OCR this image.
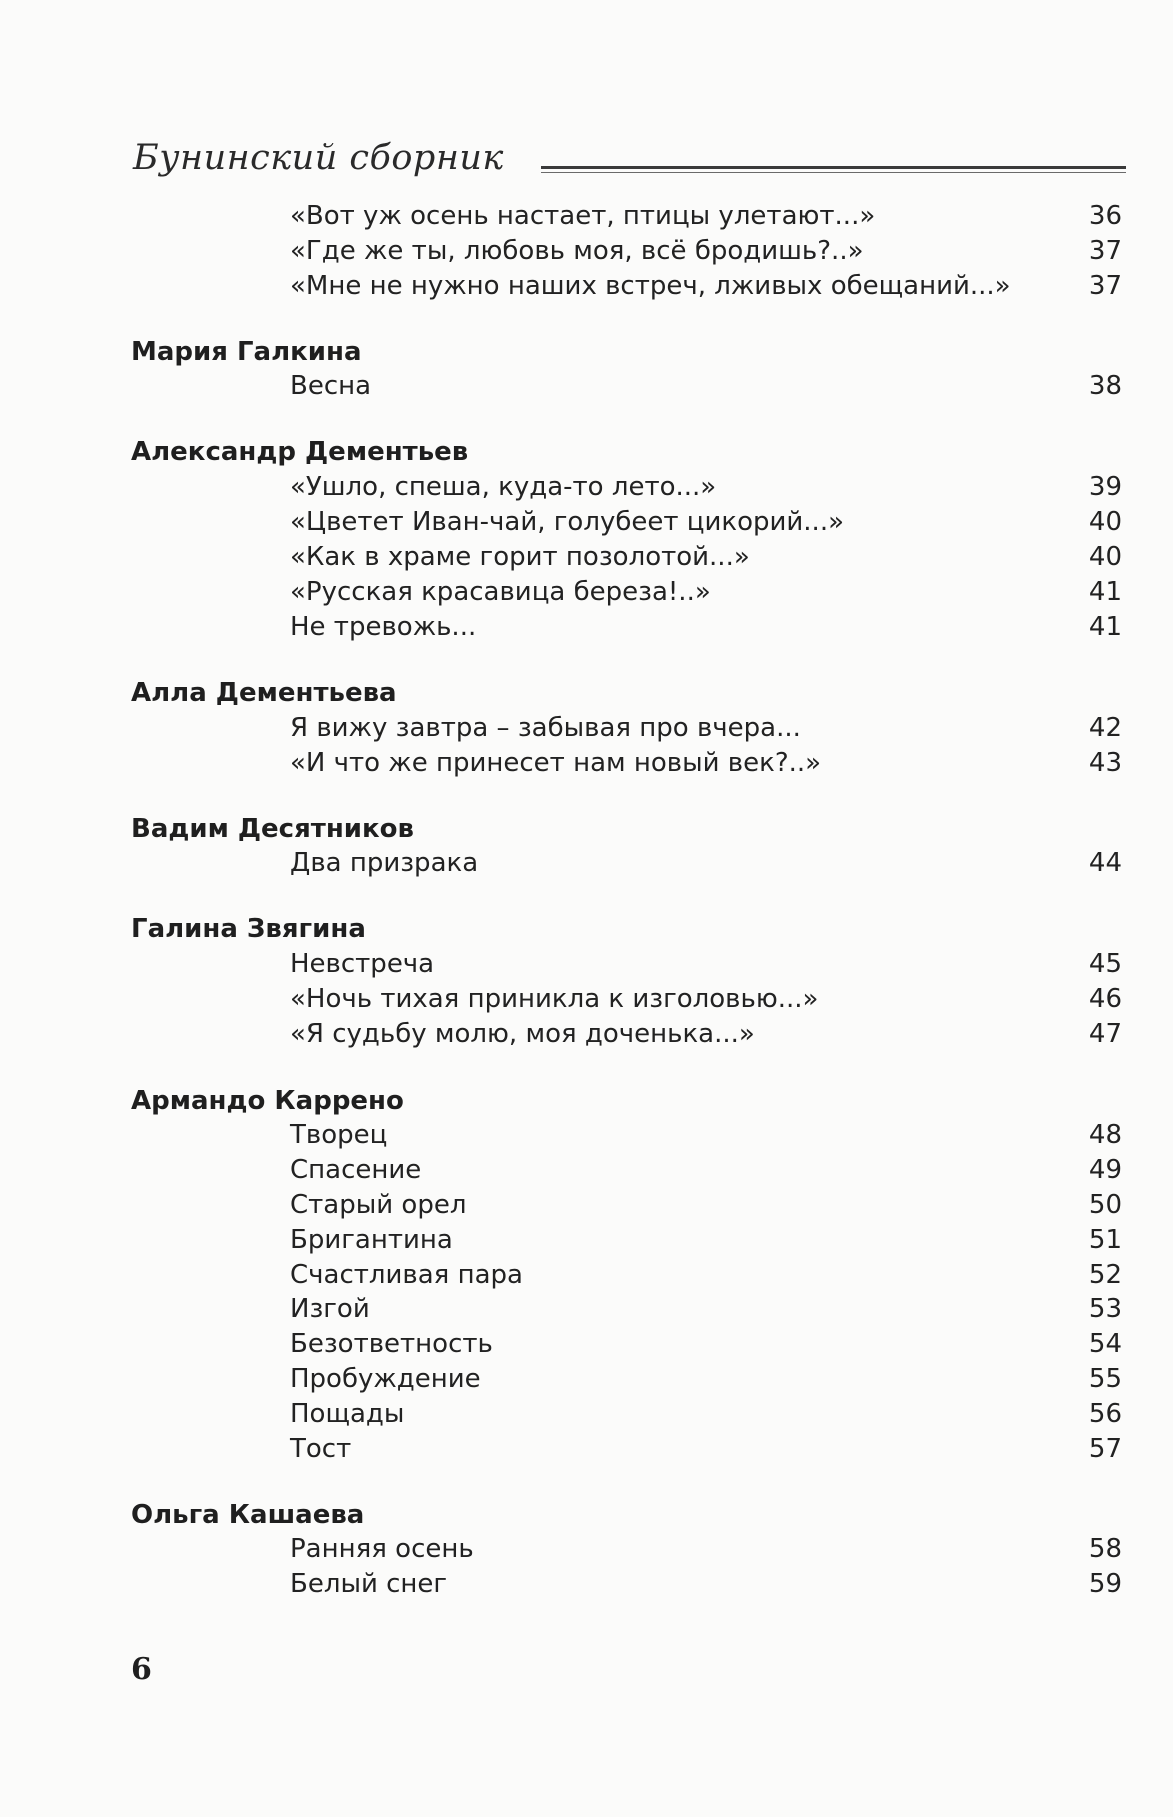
Бунинский сборник
«Вот уж осень настает, птицы улетают...»	36
«Где же ты, любовь моя, всё бродишь?..»	37
«Мне не нужно наших встреч, лживых обещаний...»	37
Мария Галкина
Весна	38
Александр Дементьев
«Ушло, спеша, куда-то лето...»	39
«Цветет Иван-чай, голубеет цикорий...»	40
«Как в храме горит позолотой...»	40
«Русская красавица береза!..»	41
Не тревожь...	41
Алла Дементьева
Я вижу завтра – забывая про вчера...	42
«И что же принесет нам новый век?..»	43
Вадим Десятников
Два призрака	44
Галина Звягина
Невстреча	45
«Ночь тихая приникла к изголовью...»	46
«Я судьбу молю, моя доченька...»	47
Армандо Каррено
Творец	48
Спасение	49
Старый орел	50
Бригантина	51
Счастливая пара	52
Изгой	53
Безответность	54
Пробуждение	55
Пощады	56
Тост	57
Ольга Кашаева
Ранняя осень	58
Белый снег	59
6
